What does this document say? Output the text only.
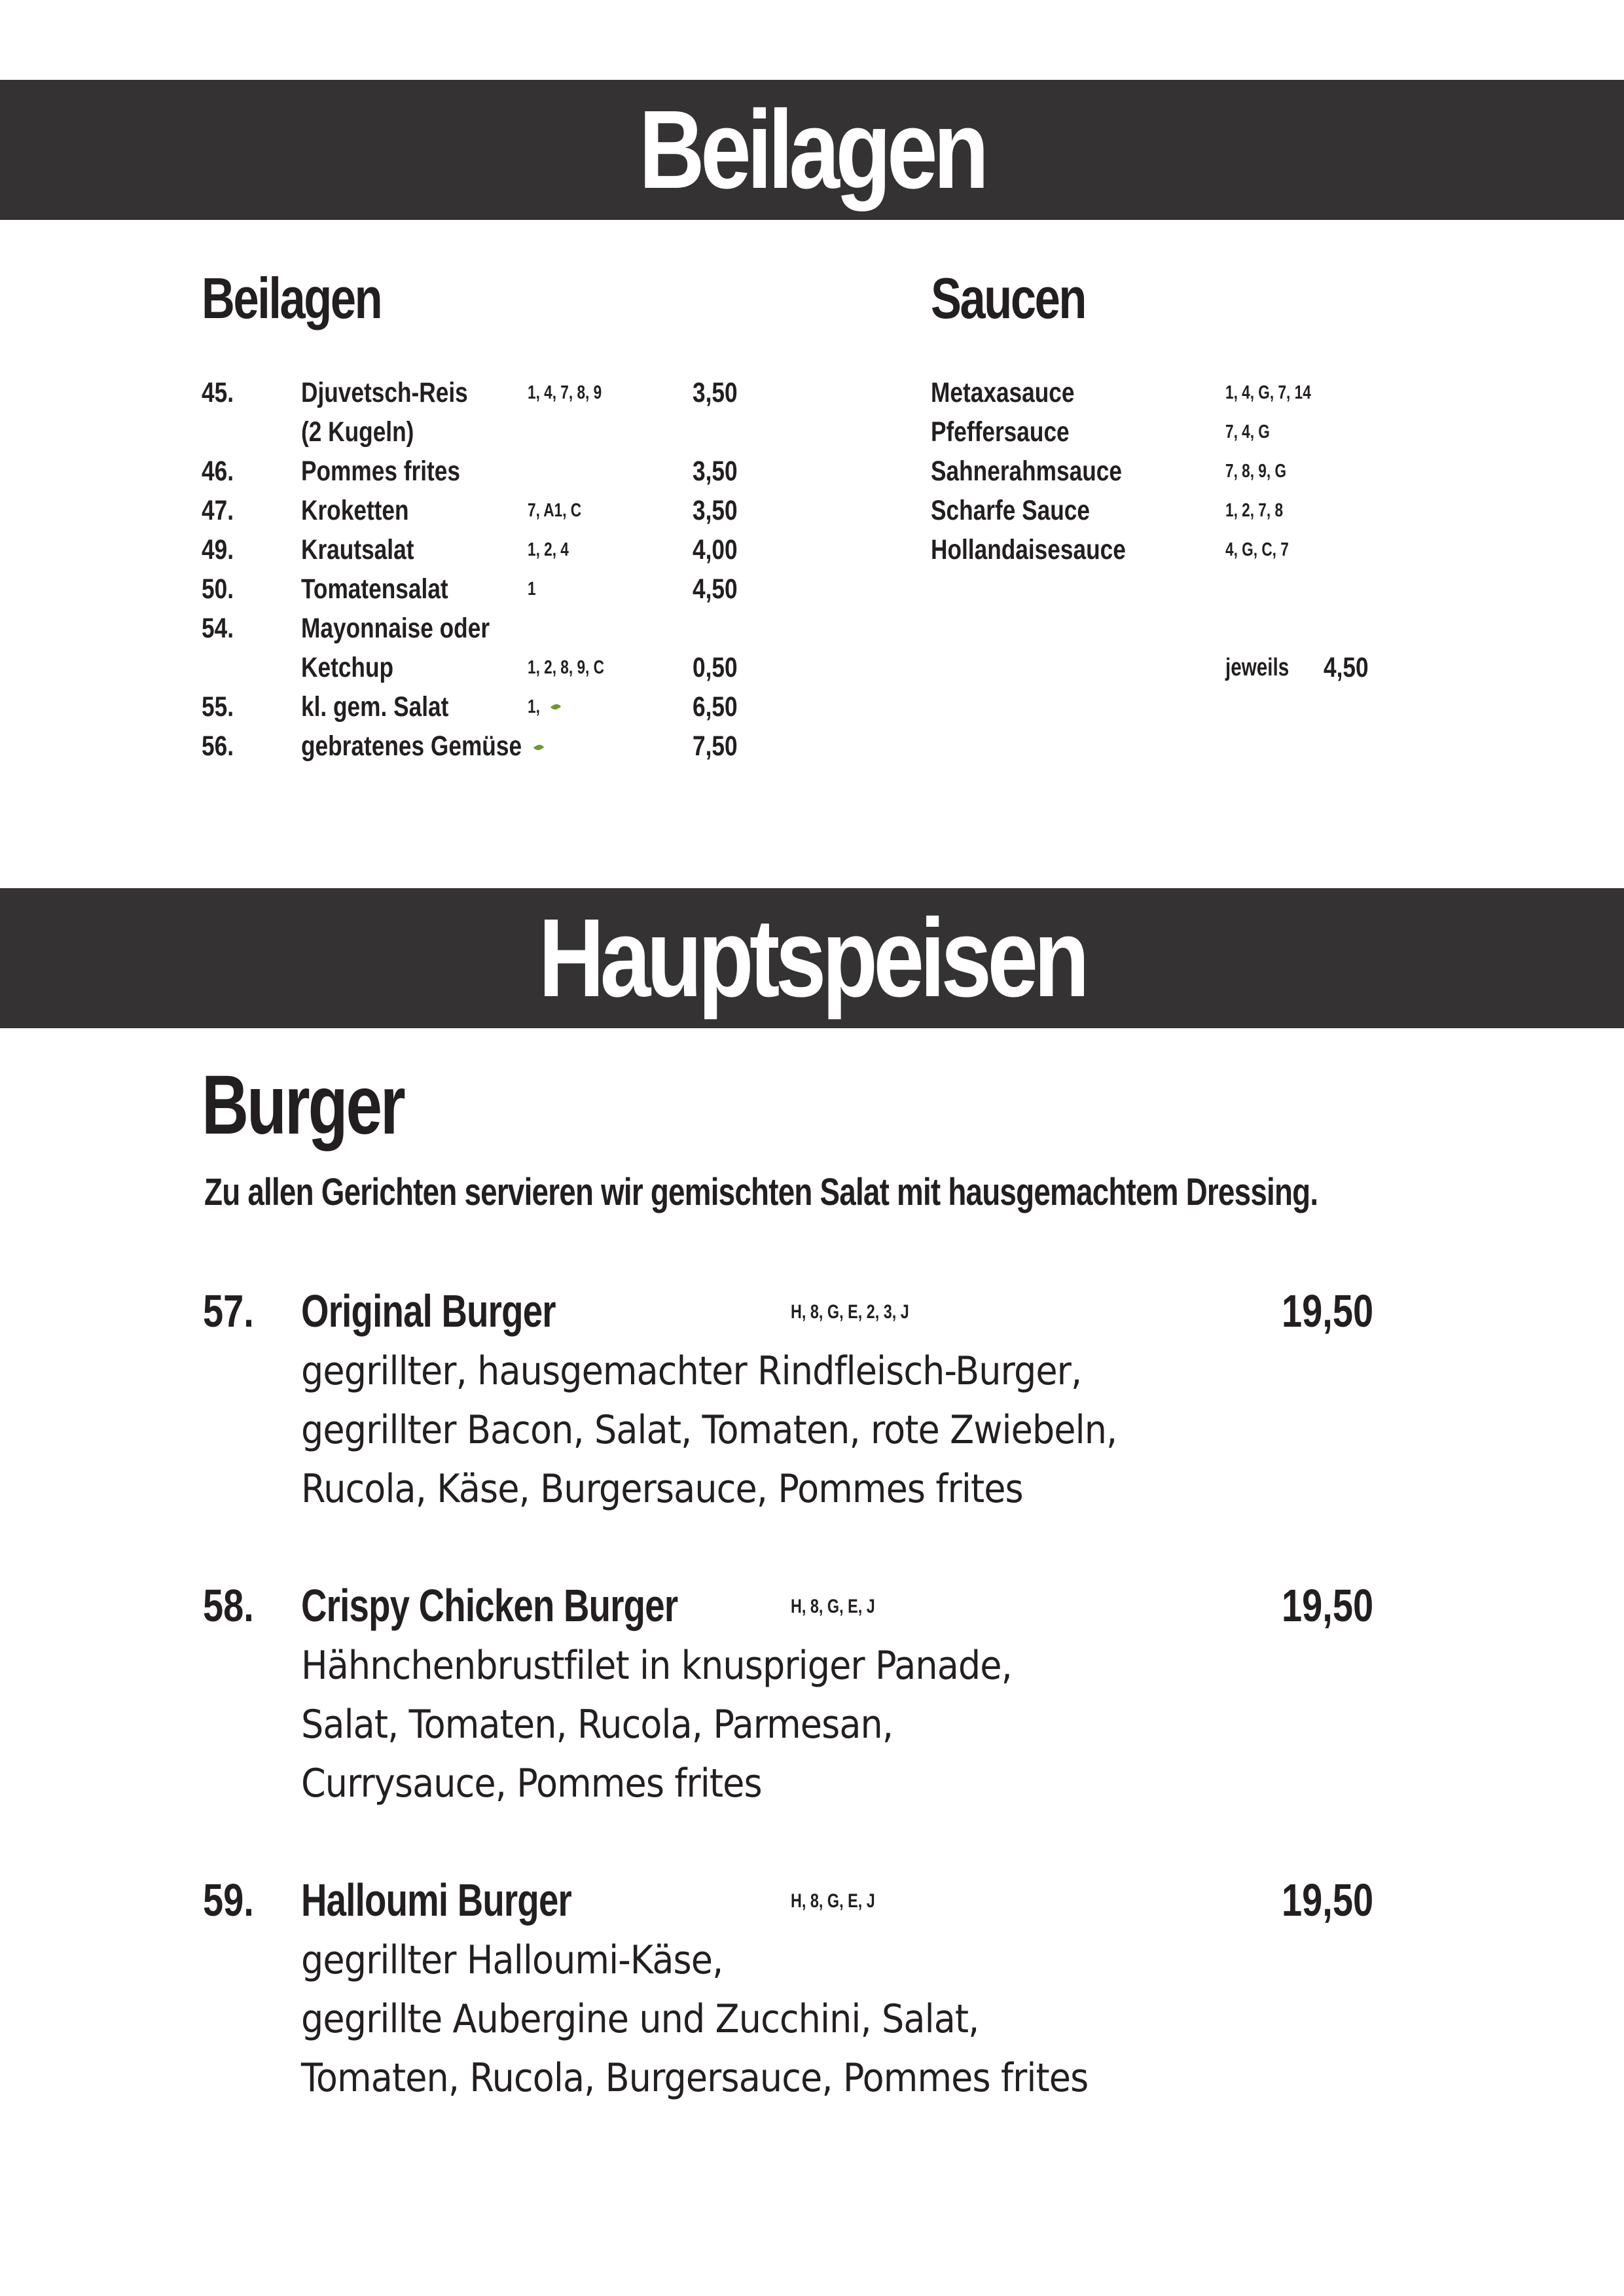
Beilagen
Beilagen
45. Djuvetsch-Reis	1, 4, 7, 8, 9	3,50
(2 Kugeln)
46. Pommes frites	3,50
47. Kroketten	7, A1, C	3,50
49. Krautsalat	1, 2, 4	4,00
50. Tomatensalat	1	4,50
54. Mayonnaise oder
Ketchup	1, 2, 8, 9, C	0,50
55. kl. gem. Salat	1,	6,50
56. gebratenes Gemüse	7,50
Saucen
Metaxasauce	1, 4, G, 7, 14
Pfeffersauce	7, 4, G
Sahnerahmsauce	7, 8, 9, G
Scharfe Sauce	1, 2, 7, 8
Hollandaisesauce	4, G, C, 7
jeweils 4,50
Hauptspeisen
Burger

Zu allen Gerichten servieren wir gemischten Salat mit hausgemachtem Dressing.

57. Original Burger	H, 8, G, E, 2, 3, J	19,50
gegrillter, hausgemachter Rindfleisch-Burger,
gegrillter Bacon, Salat, Tomaten, rote Zwiebeln,
Rucola, Käse, Burgersauce, Pommes frites
58. Crispy Chicken Burger	H, 8, G, E, J	19,50
Hähnchenbrustfilet in knuspriger Panade,
Salat, Tomaten, Rucola, Parmesan,
Currysauce, Pommes frites
59. Halloumi Burger	H, 8, G, E, J	19,50
gegrillter Halloumi-Käse,
gegrillte Aubergine und Zucchini, Salat,
Tomaten, Rucola, Burgersauce, Pommes frites
